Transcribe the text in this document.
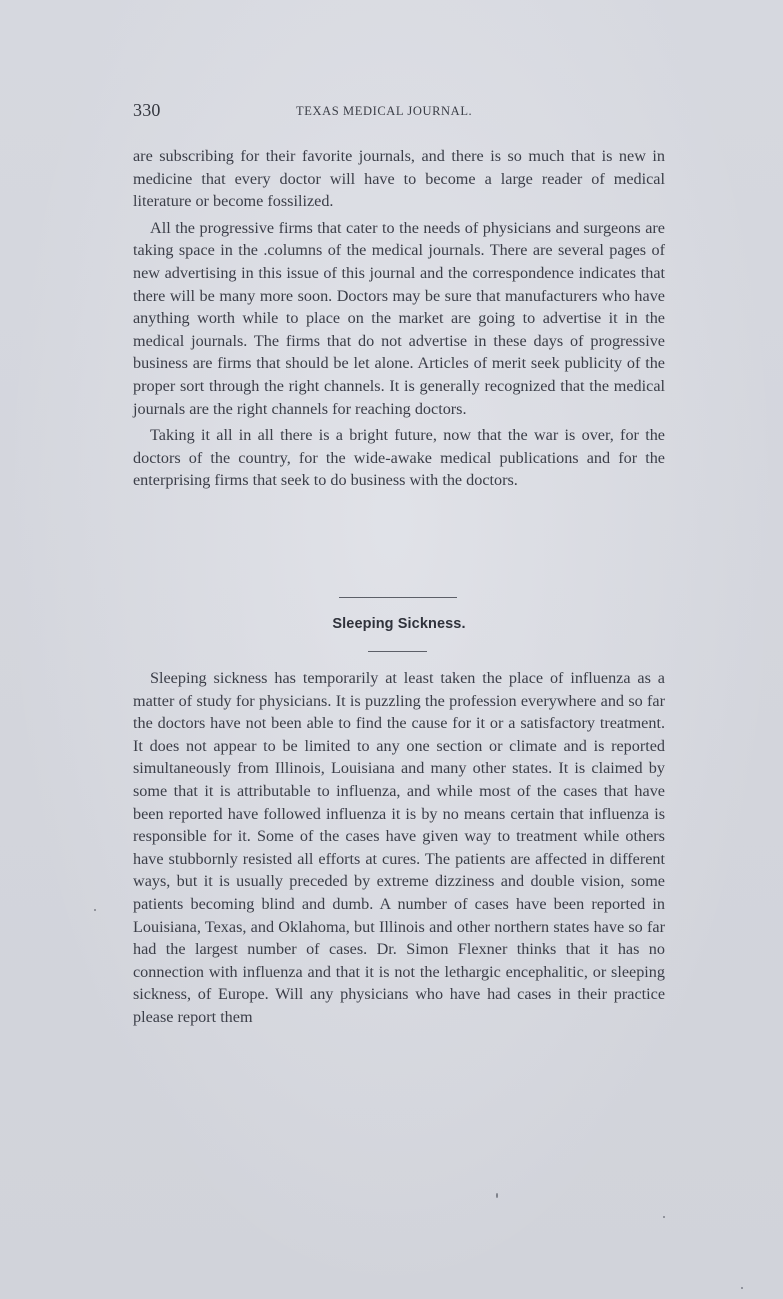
330	TEXAS MEDICAL JOURNAL.

are subscribing for their favorite journals, and there is so much that is new in medicine that every doctor will have to become a large reader of medical literature or become fossilized.

All the progressive firms that cater to the needs of physicians and surgeons are taking space in the .columns of the medical journals. There are several pages of new advertising in this issue of this journal and the correspondence indicates that there will be many more soon. Doctors may be sure that manufacturers who have anything worth while to place on the market are going to advertise it in the medical journals. The firms that do not advertise in these days of progressive business are firms that should be let alone. Articles of merit seek publicity of the proper sort through the right channels. It is generally recognized that the medical journals are the right channels for reaching doctors.

Taking it all in all there is a bright future, now that the war is over, for the doctors of the country, for the wide-awake medical publications and for the enterprising firms that seek to do business with the doctors.

Sleeping Sickness.

Sleeping sickness has temporarily at least taken the place of influenza as a matter of study for physicians. It is puzzling the profession everywhere and so far the doctors have not been able to find the cause for it or a satisfactory treatment. It does not appear to be limited to any one section or climate and is reported simultaneously from Illinois, Louisiana and many other states. It is claimed by some that it is attributable to influenza, and while most of the cases that have been reported have followed influenza it is by no means certain that influenza is responsible for it. Some of the cases have given way to treatment while others have stubbornly resisted all efforts at cures. The patients are affected in different ways, but it is usually preceded by extreme dizziness and double vision, some patients becoming blind and dumb. A number of cases have been reported in Louisiana, Texas, and Oklahoma, but Illinois and other northern states have so far had the largest number of cases. Dr. Simon Flexner thinks that it has no connection with influenza and that it is not the lethargic encephalitic, or sleeping sickness, of Europe. Will any physicians who have had cases in their practice please report them
